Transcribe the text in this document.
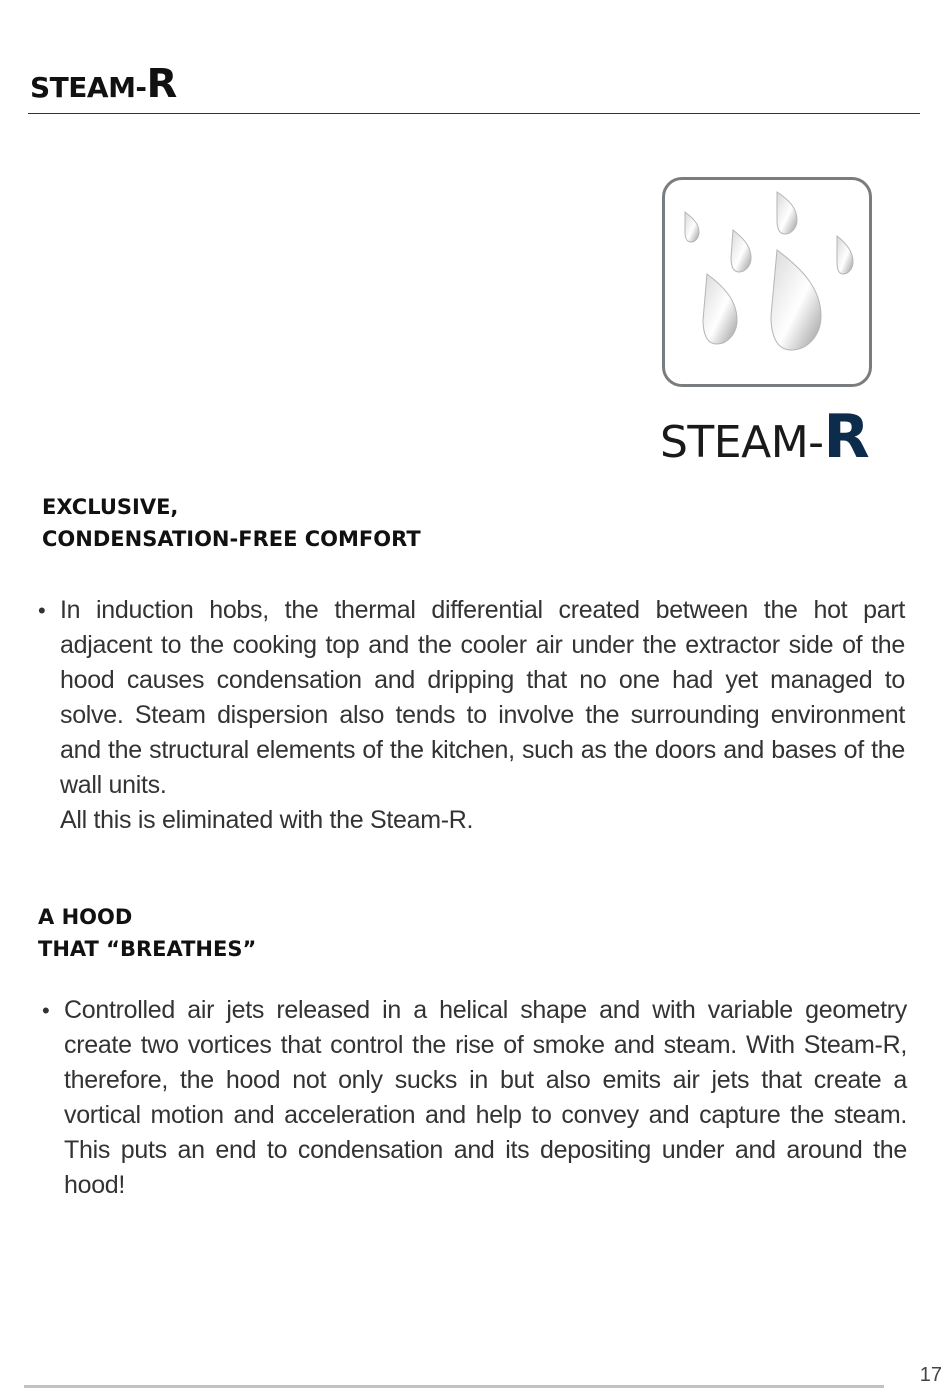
STEAM-R
STEAM-R
EXCLUSIVE,
CONDENSATION-FREE COMFORT
• In induction hobs, the thermal differential created between the hot part adjacent to the cooking top and the cooler air under the extractor side of the hood causes condensation and dripping that no one had yet managed to solve. Steam dispersion also tends to involve the surrounding environment and the structural elements of the kitchen, such as the doors and bases of the wall units.

All this is eliminated with the Steam-R.

A HOOD
THAT “BREATHES”
• Controlled air jets released in a helical shape and with variable geometry create two vortices that control the rise of smoke and steam. With Steam-R, therefore, the hood not only sucks in but also emits air jets that create a vortical motion and acceleration and help to convey and capture the steam. This puts an end to condensation and its depositing under and around the hood!

17
